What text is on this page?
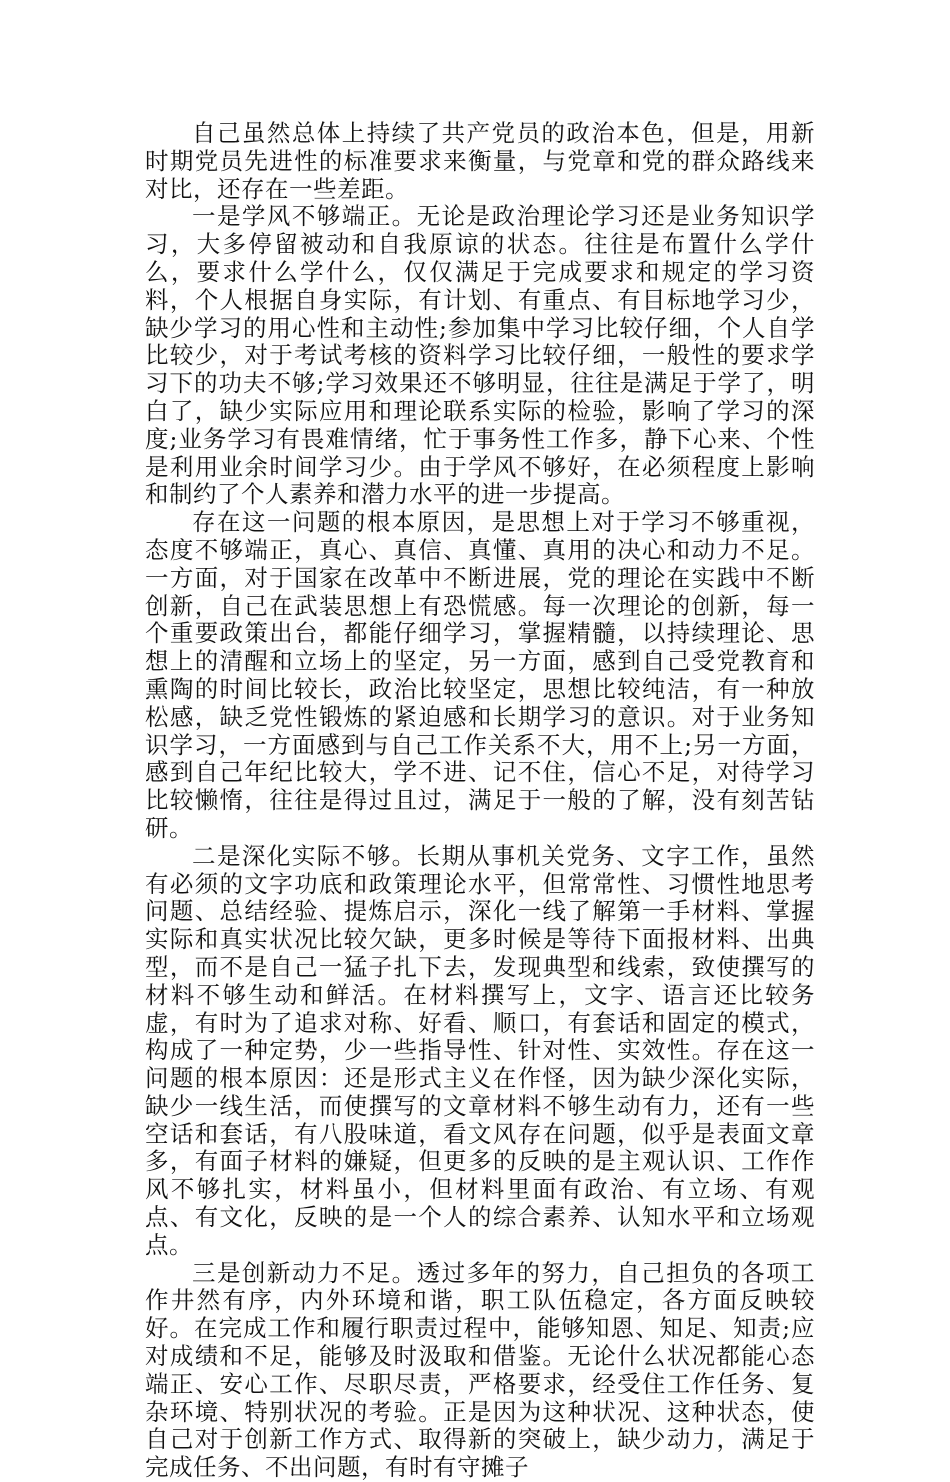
自己虽然总体上持续了共产党员的政治本色，但是，用新时期党员先进性的标准要求来衡量，与党章和党的群众路线来对比，还存在一些差距。

一是学风不够端正。无论是政治理论学习还是业务知识学习，大多停留被动和自我原谅的状态。往往是布置什么学什么，要求什么学什么，仅仅满足于完成要求和规定的学习资料，个人根据自身实际，有计划、有重点、有目标地学习少，缺少学习的用心性和主动性;参加集中学习比较仔细，个人自学比较少，对于考试考核的资料学习比较仔细，一般性的要求学习下的功夫不够;学习效果还不够明显，往往是满足于学了，明白了，缺少实际应用和理论联系实际的检验，影响了学习的深度;业务学习有畏难情绪，忙于事务性工作多，静下心来、个性是利用业余时间学习少。由于学风不够好，在必须程度上影响和制约了个人素养和潜力水平的进一步提高。

存在这一问题的根本原因，是思想上对于学习不够重视，态度不够端正，真心、真信、真懂、真用的决心和动力不足。一方面，对于国家在改革中不断进展，党的理论在实践中不断创新，自己在武装思想上有恐慌感。每一次理论的创新，每一个重要政策出台，都能仔细学习，掌握精髓，以持续理论、思想上的清醒和立场上的坚定，另一方面，感到自己受党教育和熏陶的时间比较长，政治比较坚定，思想比较纯洁，有一种放松感，缺乏党性锻炼的紧迫感和长期学习的意识。对于业务知识学习，一方面感到与自己工作关系不大，用不上;另一方面，感到自己年纪比较大，学不进、记不住，信心不足，对待学习比较懒惰，往往是得过且过，满足于一般的了解，没有刻苦钻研。

二是深化实际不够。长期从事机关党务、文字工作，虽然有必须的文字功底和政策理论水平，但常常性、习惯性地思考问题、总结经验、提炼启示，深化一线了解第一手材料、掌握实际和真实状况比较欠缺，更多时候是等待下面报材料、出典型，而不是自己一猛子扎下去，发现典型和线索，致使撰写的材料不够生动和鲜活。在材料撰写上，文字、语言还比较务虚，有时为了追求对称、好看、顺口，有套话和固定的模式，构成了一种定势，少一些指导性、针对性、实效性。存在这一问题的根本原因：还是形式主义在作怪，因为缺少深化实际，缺少一线生活，而使撰写的文章材料不够生动有力，还有一些空话和套话，有八股味道，看文风存在问题，似乎是表面文章多，有面子材料的嫌疑，但更多的反映的是主观认识、工作作风不够扎实，材料虽小，但材料里面有政治、有立场、有观点、有文化，反映的是一个人的综合素养、认知水平和立场观点。

三是创新动力不足。透过多年的努力，自己担负的各项工作井然有序，内外环境和谐，职工队伍稳定，各方面反映较好。在完成工作和履行职责过程中，能够知恩、知足、知责;应对成绩和不足，能够及时汲取和借鉴。无论什么状况都能心态端正、安心工作、尽职尽责，严格要求，经受住工作任务、复杂环境、特别状况的考验。正是因为这种状况、这种状态，使自己对于创新工作方式、取得新的突破上，缺少动力，满足于完成任务、不出问题，有时有守摊子
